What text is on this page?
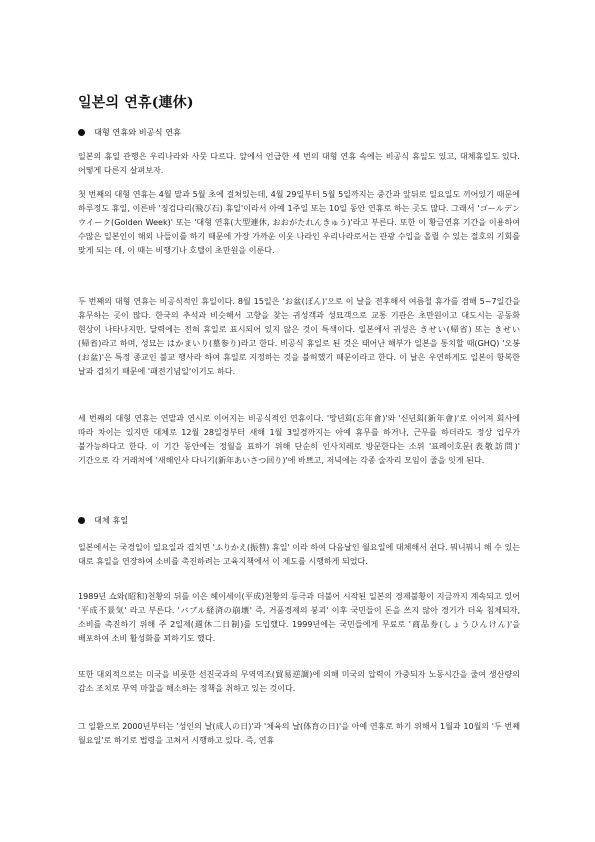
일본의 연휴(連休)
대형 연휴와 비공식 연휴

일본의 휴일 관행은 우리나라와 사뭇 다르다. 앞에서 언급한 세 번의 대형 연휴 속에는 비공식 휴일도 있고, 대체휴일도 있다. 어떻게 다른지 살펴보자.

첫 번째의 대형 연휴는 4월 말과 5월 초에 걸쳐있는데, 4월 29일부터 5월 5일까지는 중간과 앞뒤로 일요일도 끼어있기 때문에 하루정도 휴일, 이른바 '징검다리(飛び石) 휴일'이라서 아예 1주일 또는 10일 동안 연휴로 하는 곳도 많다. 그래서 'ゴールデン ウイーク(Golden Week)' 또는 '대형 연휴(大型連休, おおがたれんきゅう)'라고 부른다. 또한 이 황금연휴 기간을 이용하여 수많은 일본인이 해외 나들이를 하기 때문에 가장 가까운 이웃 나라인 우리나라로서는 관광 수입을 올릴 수 있는 절호의 기회를 맞게 되는 데, 이 때는 비행기나 호텔이 초만원을 이룬다.

두 번째의 대형 연휴는 비공식적인 휴일이다. 8월 15일은 'お盆(ぼん)'으로 이 날을 전후해서 여름철 휴가를 겸해 5~7일간을 휴무하는 곳이 많다. 한국의 추석과 비슷해서 고향을 찾는 귀성객과 성묘객으로 교통 기관은 초만원이고 대도시는 공동화 현상이 나타나지만, 달력에는 전혀 휴일로 표시되어 있지 않은 것이 특색이다. 일본에서 귀성은 きせい(帰省) 또는 きせい(帰省)라고 하며, 성묘는 はかまいり(墓参り)라고 한다. 비공식 휴일로 된 것은 태어난 해부가 일본을 통치할 때(GHQ) '오봉(お盆)'은 특정 종교인 불교 행사라 하여 휴일로 지정하는 것을 불허했기 때문이라고 한다. 이 날은 우연하게도 일본이 항복한 날과 겹치기 때문에 '패전기념일'이기도 하다.

세 번째의 대형 연휴는 연말과 연시로 이어지는 비공식적인 연휴이다. '망년회(忘年會)'와 '신년회(新年會)'로 이어져 회사에 따라 차이는 있지만 대체로 12월 28일경부터 새해 1월 3일경까지는 아예 휴무를 하거나, 근무를 하더라도 정상 업무가 불가능하다고 한다. 이 기간 동안에는 정월을 표하기 위해 단순히 인사치레로 방문한다는 소위 '표례이호문(表敬訪問)' 기간으로 각 거래처에 '새해인사 다니기(新年あいさつ回り)'에 바쁘고, 저녁에는 각종 술자리 모임이 줄을 잇게 된다.

대체 휴일

일본에서는 국경일이 일요일과 겹치면 'ふりかえ(振替) 휴일' 이라 하여 다음날인 월요일에 대체해서 쉰다. 뭐니뭐니 해 수 있는 대로 휴일을 연장하여 소비를 촉진하려는 고육지책에서 이 제도를 시행하게 되었다.

1989년 쇼와(昭和)천황의 뒤를 이은 헤이세이(平成)천황의 등극과 더불어 시작된 일본의 경제불황이 지금까지 계속되고 있어 '平成不景気' 라고 부른다. 'バブル経済の崩壊' 즉, 거품경제의 붕괴' 이후 국민들이 돈을 쓰지 않아 경기가 더욱 침체되자, 소비를 촉진하기 위해 주 2일제(週休二日制)를 도입했다. 1999년에는 국민들에게 무료로 '商品券(しょうひんけん)'을 배포하여 소비 활성화를 꾀하기도 했다.

또한 대외적으로는 미국을 비롯한 선진국과의 무역역조(貿易逆調)에 의해 미국의 압력이 가중되자 노동시간을 줄여 생산량의 감소 조치로 무역 마찰을 해소하는 정책을 취하고 있는 것이다.

그 일환으로 2000년부터는 '성인의 날(成人の日)'과 '체육의 날(体育の日)'을 아예 연휴로 하기 위해서 1월과 10월의 '두 번째 월요일'로 하기로 법령을 고쳐서 시행하고 있다. 즉, 연휴
